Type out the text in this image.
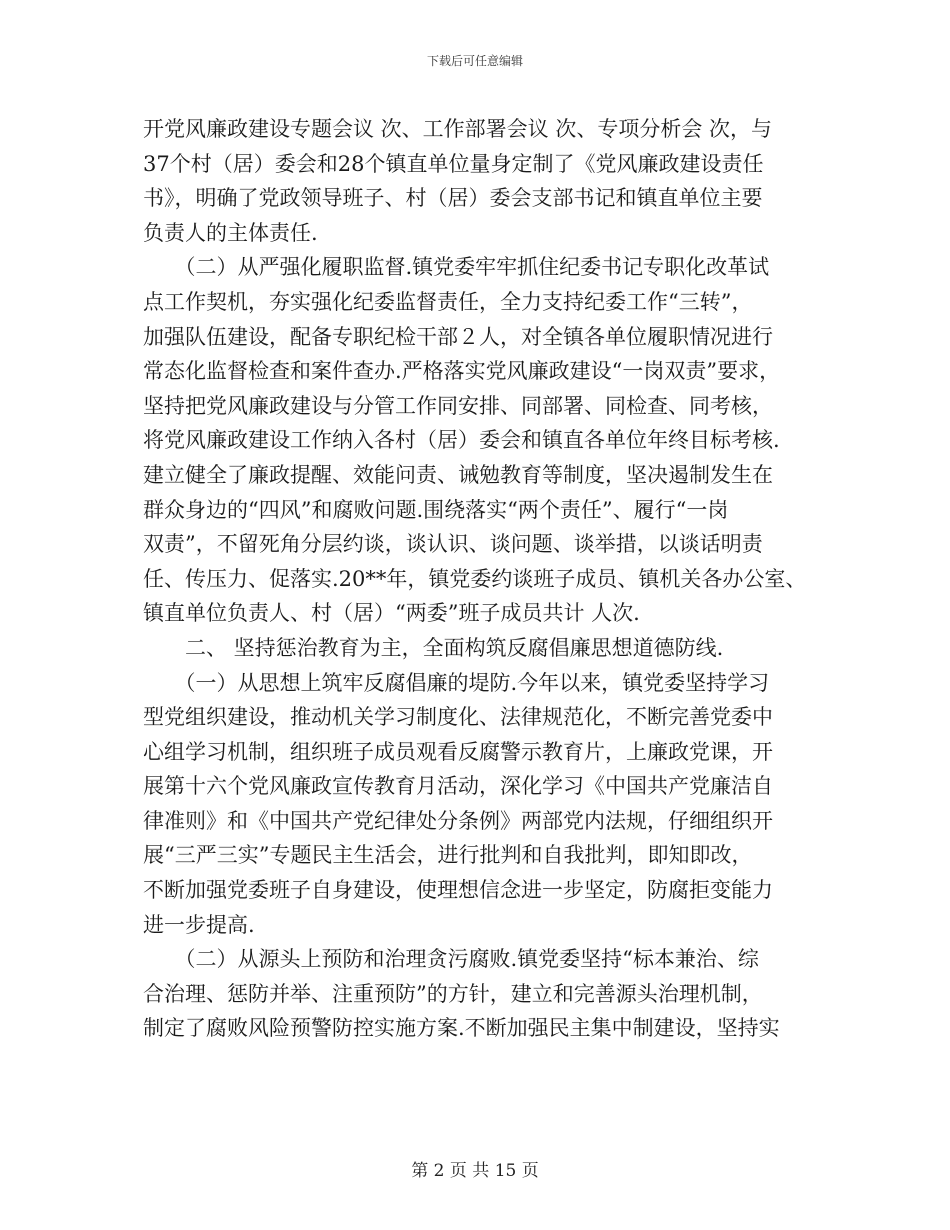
下载后可任意编辑
开党风廉政建设专题会议 次、工作部署会议 次、专项分析会 次，与
37个村（居）委会和28个镇直单位量身定制了《党风廉政建设责任
书》，明确了党政领导班子、村（居）委会支部书记和镇直单位主要
负责人的主体责任.
　　（二）从严强化履职监督.镇党委牢牢抓住纪委书记专职化改革试
点工作契机，夯实强化纪委监督责任，全力支持纪委工作“三转”，
加强队伍建设，配备专职纪检干部２人，对全镇各单位履职情况进行
常态化监督检查和案件查办.严格落实党风廉政建设“一岗双责”要求，
坚持把党风廉政建设与分管工作同安排、同部署、同检查、同考核，
将党风廉政建设工作纳入各村（居）委会和镇直各单位年终目标考核.
建立健全了廉政提醒、效能问责、诫勉教育等制度，坚决遏制发生在
群众身边的“四风”和腐败问题.围绕落实“两个责任”、履行“一岗
双责”，不留死角分层约谈，谈认识、谈问题、谈举措，以谈话明责
任、传压力、促落实.20**年，镇党委约谈班子成员、镇机关各办公室、
镇直单位负责人、村（居）“两委”班子成员共计 人次.
　　二、 坚持惩治教育为主，全面构筑反腐倡廉思想道德防线.
　　（一）从思想上筑牢反腐倡廉的堤防.今年以来，镇党委坚持学习
型党组织建设，推动机关学习制度化、法律规范化，不断完善党委中
心组学习机制，组织班子成员观看反腐警示教育片，上廉政党课，开
展第十六个党风廉政宣传教育月活动，深化学习《中国共产党廉洁自
律准则》和《中国共产党纪律处分条例》两部党内法规，仔细组织开
展“三严三实”专题民主生活会，进行批判和自我批判，即知即改，
不断加强党委班子自身建设，使理想信念进一步坚定，防腐拒变能力
进一步提高.
　　（二）从源头上预防和治理贪污腐败.镇党委坚持“标本兼治、综
合治理、惩防并举、注重预防”的方针，建立和完善源头治理机制，
制定了腐败风险预警防控实施方案.不断加强民主集中制建设，坚持实
第 2 页 共 15 页
